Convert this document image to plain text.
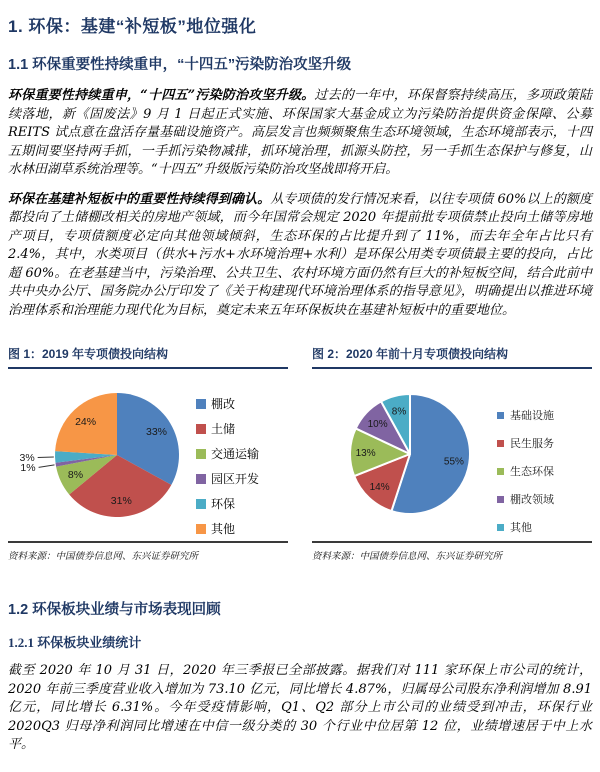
1. 环保：基建“补短板”地位强化
1.1 环保重要性持续重申，“十四五”污染防治攻坚升级

环保重要性持续重申，“十四五”污染防治攻坚升级。过去的一年中，环保督察持续高压，多项政策陆续落地，新《固废法》9 月 1 日起正式实施、环保国家大基金成立为污染防治提供资金保障、公募 REITS 试点意在盘活存量基础设施资产。高层发言也频频聚焦生态环境领域，生态环境部表示，十四五期间要坚持两手抓，一手抓污染物减排，抓环境治理，抓源头防控，另一手抓生态保护与修复，山水林田湖草系统治理等。“十四五”升级版污染防治攻坚战即将开启。

环保在基建补短板中的重要性持续得到确认。从专项债的发行情况来看，以往专项债 60%以上的额度都投向了土储棚改相关的房地产领域，而今年国常会规定 2020 年提前批专项债禁止投向土储等房地产项目，专项债额度必定向其他领域倾斜，生态环保的占比提升到了 11%，而去年全年占比只有 2.4%，其中，水类项目（供水+污水+水环境治理+水利）是环保公用类专项债最主要的投向，占比超 60%。在老基建当中，污染治理、公共卫生、农村环境方面仍然有巨大的补短板空间，结合此前中共中央办公厅、国务院办公厅印发了《关于构建现代环境治理体系的指导意见》，明确提出以推进环境治理体系和治理能力现代化为目标，奠定未来五年环保板块在基建补短板中的重要地位。

图 1：2019 年专项债投向结构
33%
31%
8%
1%
3%
24%
棚改
土储
交通运输
园区开发
环保
其他
资料来源：中国债券信息网、东兴证券研究所
图 2：2020 年前十月专项债投向结构
55%
14%
13%
10%
8%	基础设施
民生服务
生态环保
棚改领域
其他
资料来源：中国债券信息网、东兴证券研究所
1.2 环保板块业绩与市场表现回顾
1.2.1 环保板块业绩统计

截至 2020 年 10 月 31 日，2020 年三季报已全部披露。据我们对 111 家环保上市公司的统计，2020 年前三季度营业收入增加为 73.10 亿元，同比增长 4.87%，归属母公司股东净利润增加 8.91 亿元，同比增长 6.31%。今年受疫情影响，Q1、Q2 部分上市公司的业绩受到冲击，环保行业 2020Q3 归母净利润同比增速在中信一级分类的 30 个行业中位居第 12 位，业绩增速居于中上水平。
